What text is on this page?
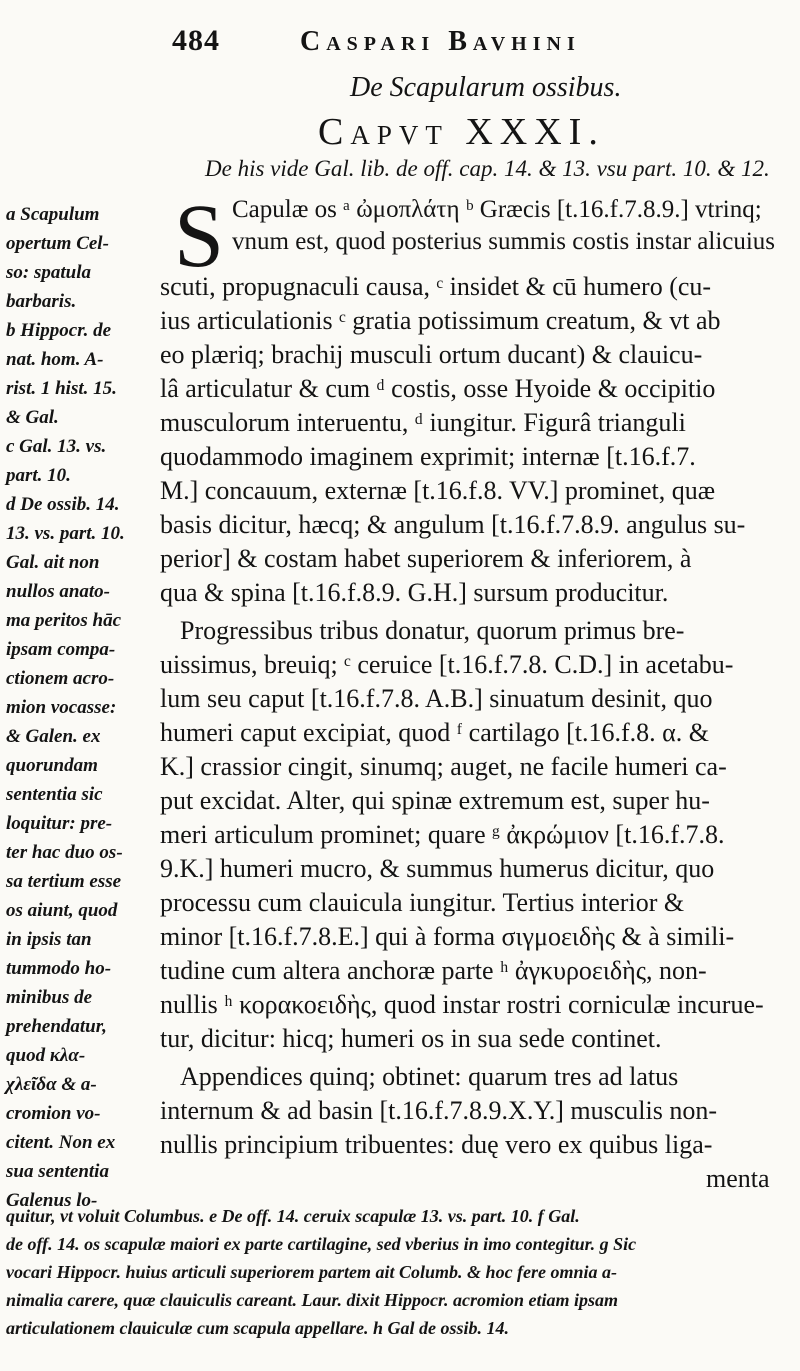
484	Caspari Bavhini
De Scapularum ossibus.
Capvt XXXI.
De his vide Gal. lib. de off. cap. 14. & 13. vsu part. 10. & 12.
a Scapulum
opertum Cel-
so: spatula
barbaris.
b Hippocr. de
nat. hom. A-
rist. 1 hist. 15.
& Gal.
c Gal. 13. vs.
part. 10.
d De ossib. 14.
13. vs. part. 10.
Gal. ait non
nullos anato-
ma peritos hāc
ipsam compa-
ctionem acro-
mion vocasse:
& Galen. ex
quorundam
sententia sic
loquitur: pre-
ter hac duo os-
sa tertium esse
os aiunt, quod
in ipsis tan
tummodo ho-
minibus de
prehendatur,
quod κλα-
χλεῖδα & a-
cromion vo-
citent. Non ex
sua sententia
Galenus lo-
S Capulæ os ᵃ ὠμοπλάτη ᵇ Græcis [t.16.f.7.8.9.] vtrinq;
vnum est, quod posterius summis costis instar alicuius
scuti, propugnaculi causa, ᶜ insidet & cū humero (cu-
ius articulationis ᶜ gratia potissimum creatum, & vt ab
eo plæriq; brachij musculi ortum ducant) & clauicu-
lâ articulatur & cum ᵈ costis, osse Hyoide & occipitio
musculorum interuentu, ᵈ iungitur. Figurâ trianguli
quodammodo imaginem exprimit; internæ [t.16.f.7.
M.] concauum, externæ [t.16.f.8. VV.] prominet, quæ
basis dicitur, hæcq; & angulum [t.16.f.7.8.9. angulus su-
perior] & costam habet superiorem & inferiorem, à
qua & spina [t.16.f.8.9. G.H.] sursum producitur.
Progressibus tribus donatur, quorum primus bre-
uissimus, breuiq; ᶜ ceruice [t.16.f.7.8. C.D.] in acetabu-
lum seu caput [t.16.f.7.8. A.B.] sinuatum desinit, quo
humeri caput excipiat, quod ᶠ cartilago [t.16.f.8. α. &
K.] crassior cingit, sinumq; auget, ne facile humeri ca-
put excidat. Alter, qui spinæ extremum est, super hu-
meri articulum prominet; quare ᵍ ἀκρώμιον [t.16.f.7.8.
9.K.] humeri mucro, & summus humerus dicitur, quo
processu cum clauicula iungitur. Tertius interior &
minor [t.16.f.7.8.E.] qui à forma σιγμοειδὴς & à simili-
tudine cum altera anchoræ parte ʰ ἀγκυροειδὴς, non-
nullis ʰ κορακοειδὴς, quod instar rostri corniculæ incurue-
tur, dicitur: hicq; humeri os in sua sede continet.
Appendices quinq; obtinet: quarum tres ad latus
internum & ad basin [t.16.f.7.8.9.X.Y.] musculis non-
nullis principium tribuentes: duę vero ex quibus liga-
menta
quitur, vt voluit Columbus. e De off. 14. ceruix scapulæ 13. vs. part. 10. f Gal.
de off. 14. os scapulæ maiori ex parte cartilagine, sed vberius in imo contegitur. g Sic
vocari Hippocr. huius articuli superiorem partem ait Columb. & hoc fere omnia a-
nimalia carere, quæ clauiculis careant. Laur. dixit Hippocr. acromion etiam ipsam
articulationem clauiculæ cum scapula appellare. h Gal de ossib. 14.
